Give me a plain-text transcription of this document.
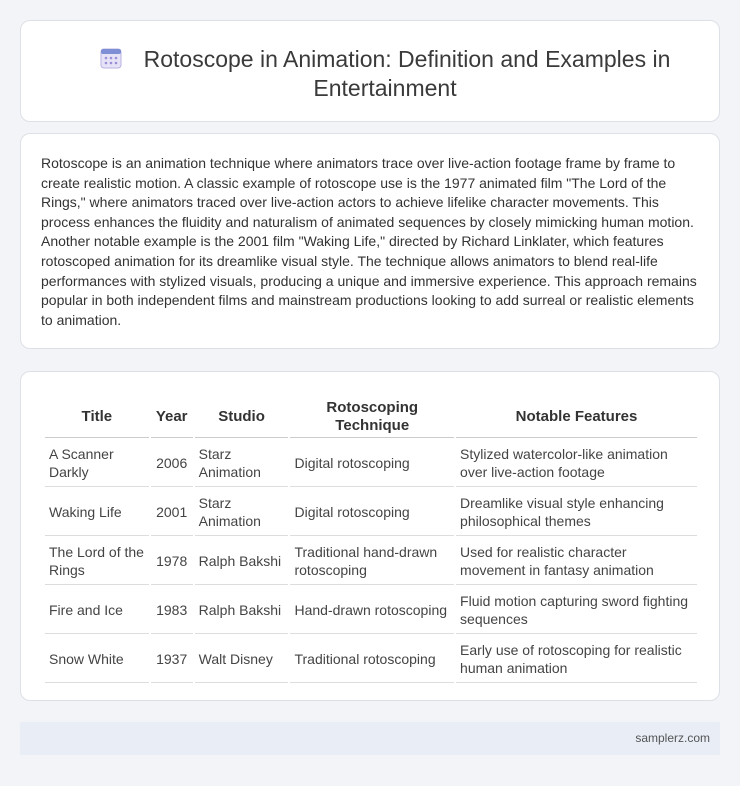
Rotoscope in Animation: Definition and Examples in Entertainment

Rotoscope is an animation technique where animators trace over live-action footage frame by frame to create realistic motion. A classic example of rotoscope use is the 1977 animated film "The Lord of the Rings," where animators traced over live-action actors to achieve lifelike character movements. This process enhances the fluidity and naturalism of animated sequences by closely mimicking human motion. Another notable example is the 2001 film "Waking Life," directed by Richard Linklater, which features rotoscoped animation for its dreamlike visual style. The technique allows animators to blend real-life performances with stylized visuals, producing a unique and immersive experience. This approach remains popular in both independent films and mainstream productions looking to add surreal or realistic elements to animation.

Title	Year	Studio	Rotoscoping Technique	Notable Features
A Scanner Darkly	2006	Starz Animation	Digital rotoscoping	Stylized watercolor-like animation over live-action footage
Waking Life	2001	Starz Animation	Digital rotoscoping	Dreamlike visual style enhancing philosophical themes
The Lord of the Rings	1978	Ralph Bakshi	Traditional hand-drawn rotoscoping	Used for realistic character movement in fantasy animation
Fire and Ice	1983	Ralph Bakshi	Hand-drawn rotoscoping	Fluid motion capturing sword fighting sequences
Snow White	1937	Walt Disney	Traditional rotoscoping	Early use of rotoscoping for realistic human animation
samplerz.com
